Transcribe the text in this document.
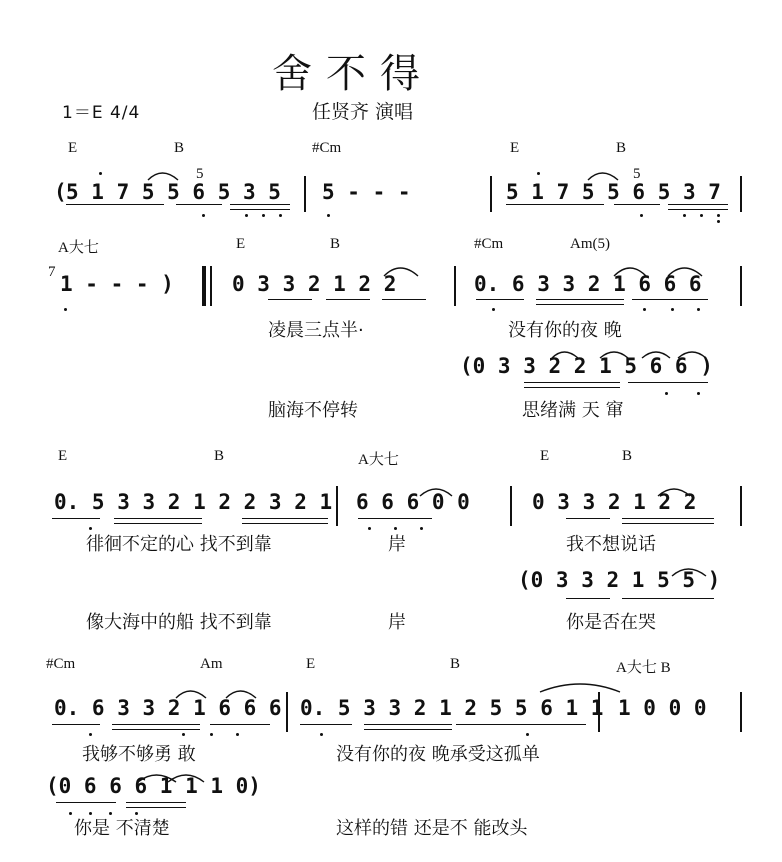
舍不得
1＝E 4/4	任贤齐 演唱
E	B	#Cm	E	B
( 5 1 7 5 5 6 5 3 5 5 - - -	5 1 7 5 5 6 5 3 7
5	5
A大七	E	B	#Cm	Am(5)
1 - - - )	0 3 3 2 1 2 2	0. 6 3 3 2 1 6 6 6
7
凌晨三点半·	没有你的夜 晚
(0 3 3 2 2 1 5 6 6 )
脑海不停转	思绪满 天 窜
E	B	A大七	E	B
0. 5 3 3 2 1 2 2 3 2 1 6 6 6 0 0	0 3 3 2 1 2 2
徘徊不定的心 找不到靠	岸	我不想说话
(0 3 3 2 1 5 5 )
像大海中的船 找不到靠	岸	你是否在哭
#Cm	Am	E	B	A大七 B
0. 6 3 3 2 1 6 6 6 0. 5 3 3 2 1 2 5 5 6 1 1 1 0 0 0
我够不够勇 敢	没有你的夜 晚承受这孤单
(0 6 6 6 1 1 1 0)
你是 不清楚	这样的错 还是不 能改头
